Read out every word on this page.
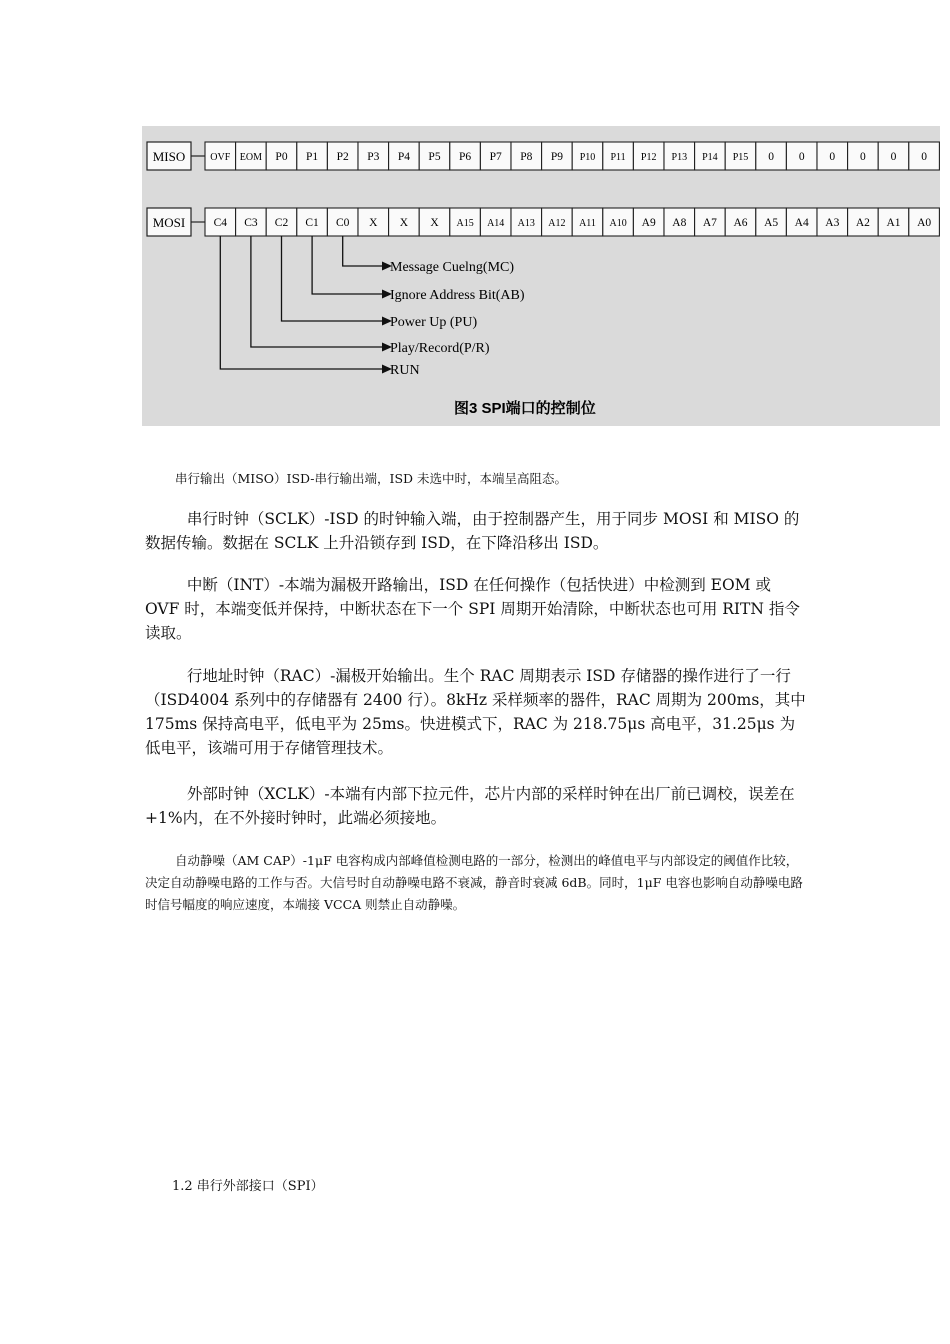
MISO	OVF EOM P0 P1 P2 P3 P4 P5 P6 P7 P8 P9 P10 P11 P12 P13 P14 P15 0 0 0 0 0 0
MOSI C4 C3 C2 C1 C0 X X X A15 A14 A13 A12 A11 A10 A9 A8 A7 A6 A5 A4 A3 A2 A1 A0
Message Cuelng(MC)
Ignore Address Bit(AB)
Power Up (PU)
Play/Record(P/R)
RUN
图3 SPI端口的控制位

串行输出（MISO）ISD-串行输出端，ISD 未选中时，本端呈高阻态。

串行时钟（SCLK）-ISD 的时钟输入端，由于控制器产生，用于同步 MOSI 和 MISO 的数据传输。数据在 SCLK 上升沿锁存到 ISD，在下降沿移出 ISD。

中断（INT）-本端为漏极开路输出，ISD 在任何操作（包括快进）中检测到 EOM 或 OVF 时，本端变低并保持，中断状态在下一个 SPI 周期开始清除，中断状态也可用 RITN 指令读取。

行地址时钟（RAC）-漏极开始输出。生个 RAC 周期表示 ISD 存储器的操作进行了一行（ISD4004 系列中的存储器有 2400 行）。8kHz 采样频率的器件，RAC 周期为 200ms，其中 175ms 保持高电平，低电平为 25ms。快进模式下，RAC 为 218.75μs 高电平，31.25μs 为低电平，该端可用于存储管理技术。

外部时钟（XCLK）-本端有内部下拉元件，芯片内部的采样时钟在出厂前已调校，误差在+1%内，在不外接时钟时，此端必须接地。

自动静噪（AM CAP）-1μF 电容构成内部峰值检测电路的一部分，检测出的峰值电平与内部设定的阈值作比较，决定自动静噪电路的工作与否。大信号时自动静噪电路不衰减，静音时衰减 6dB。同时，1μF 电容也影响自动静噪电路时信号幅度的响应速度，本端接 VCCA 则禁止自动静噪。

1.2 串行外部接口（SPI）
